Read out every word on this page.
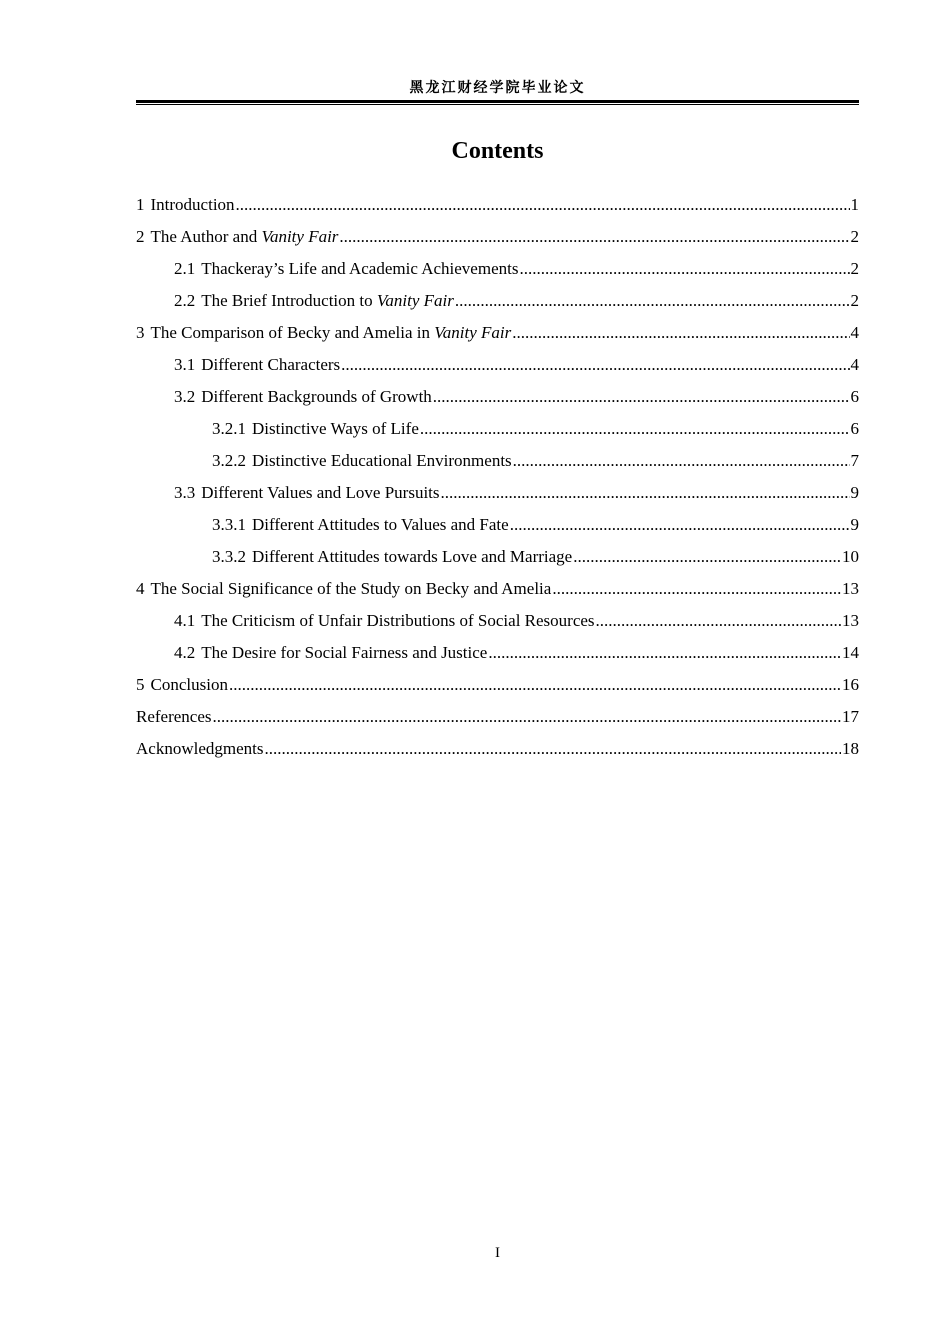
黑龙江财经学院毕业论文
Contents
1 Introduction .....	1
2 The Author and Vanity Fair .....	2
2.1 Thackeray’s Life and Academic Achievements .....	2
2.2 The Brief Introduction to Vanity Fair .....	2
3 The Comparison of Becky and Amelia in Vanity Fair .....	4
3.1 Different Characters .....	4
3.2 Different Backgrounds of Growth .....	6
3.2.1 Distinctive Ways of Life .....	6
3.2.2 Distinctive Educational Environments .....	7
3.3 Different Values and Love Pursuits .....	9
3.3.1 Different Attitudes to Values and Fate .....	9
3.3.2 Different Attitudes towards Love and Marriage .....	10
4 The Social Significance of the Study on Becky and Amelia .....	13
4.1 The Criticism of Unfair Distributions of Social Resources .....	13
4.2 The Desire for Social Fairness and Justice .....	14
5 Conclusion .....	16
References .....	17
Acknowledgments .....	18
I
